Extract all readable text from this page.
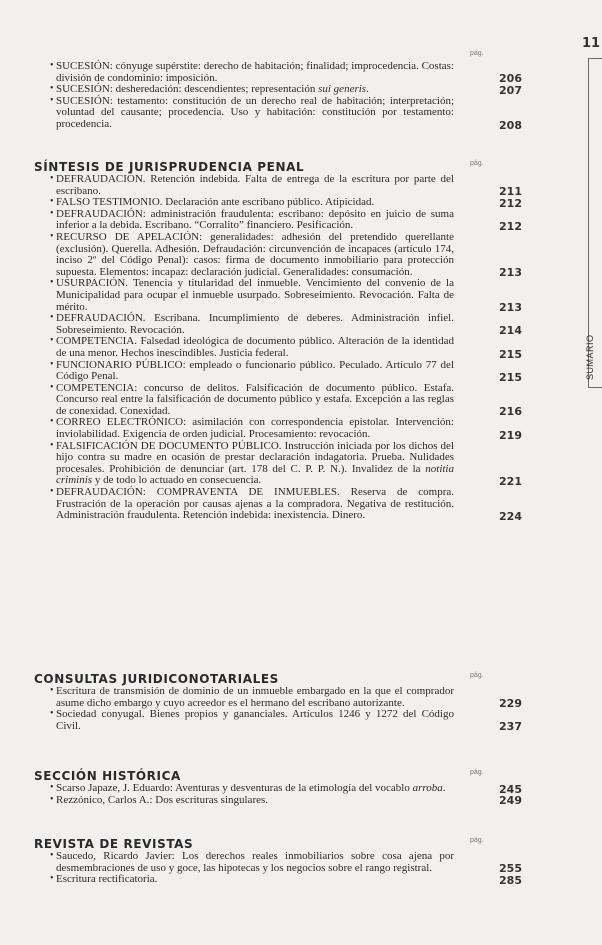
11
SUMARIO
pág.
• SUCESIÓN: cónyuge supérstite: derecho de habitación; finalidad; improcedencia. Costas: división de condominio: imposición.	206
• SUCESIÓN: desheredación: descendientes; representación sui generis.	207
• SUCESIÓN: testamento: constitución de un derecho real de habitación; interpretación; voluntad del causante; procedencia. Uso y habitación: constitución por testamento: procedencia.	208
SÍNTESIS DE JURISPRUDENCIA PENAL	pág.
• DEFRAUDACIÓN. Retención indebida. Falta de entrega de la escritura por parte del escribano.	211
• FALSO TESTIMONIO. Declaración ante escribano público. Atipicidad.	212
• DEFRAUDACIÓN: administración fraudulenta: escribano: depósito en juicio de suma inferior a la debida. Escribano. “Corralito” financiero. Pesificación.	212
• RECURSO DE APELACIÓN: generalidades: adhesión del pretendido querellante (exclusión). Querella. Adhesión. Defraudación: circunvención de incapaces (artículo 174, inciso 2º del Código Penal): casos: firma de documento inmobiliario para protección supuesta. Elementos: incapaz: declaración judicial. Generalidades: consumación.	213
• USURPACIÓN. Tenencia y titularidad del inmueble. Vencimiento del convenio de la Municipalidad para ocupar el inmueble usurpado. Sobreseimiento. Revocación. Falta de mérito.	213
• DEFRAUDACIÓN. Escribana. Incumplimiento de deberes. Administración infiel. Sobreseimiento. Revocación.	214
• COMPETENCIA. Falsedad ideológica de documento público. Alteración de la identidad de una menor. Hechos inescindibles. Justicia federal.	215
• FUNCIONARIO PÚBLICO: empleado o funcionario público. Peculado. Artículo 77 del Código Penal.	215
• COMPETENCIA: concurso de delitos. Falsificación de documento público. Estafa. Concurso real entre la falsificación de documento público y estafa. Excepción a las reglas de conexidad. Conexidad.	216
• CORREO ELECTRÓNICO: asimilación con correspondencia epistolar. Intervención: inviolabilidad. Exigencia de orden judicial. Procesamiento: revocación.	219
• FALSIFICACIÓN DE DOCUMENTO PÚBLICO. Instrucción iniciada por los dichos del hijo contra su madre en ocasión de prestar declaración indagatoria. Prueba. Nulidades procesales. Prohibición de denunciar (art. 178 del C. P. P. N.). Invalidez de la notitia criminis y de todo lo actuado en consecuencia.	221
• DEFRAUDACIÓN: COMPRAVENTA DE INMUEBLES. Reserva de compra. Frustración de la operación por causas ajenas a la compradora. Negativa de restitución. Administración fraudulenta. Retención indebida: inexistencia. Dinero.	224
CONSULTAS JURIDICONOTARIALES	pág.
• Escritura de transmisión de dominio de un inmueble embargado en la que el comprador asume dicho embargo y cuyo acreedor es el hermano del escribano autorizante.	229
• Sociedad conyugal. Bienes propios y gananciales. Artículos 1246 y 1272 del Código Civil.	237
SECCIÓN HISTÓRICA	pág.
• Scarso Japaze, J. Eduardo: Aventuras y desventuras de la etimología del vocablo arroba.	245
• Rezzónico, Carlos A.: Dos escrituras singulares.	249
REVISTA DE REVISTAS	pág.
• Saucedo, Ricardo Javier: Los derechos reales inmobiliarios sobre cosa ajena por desmembraciones de uso y goce, las hipotecas y los negocios sobre el rango registral.	255
• Escritura rectificatoria.	285
